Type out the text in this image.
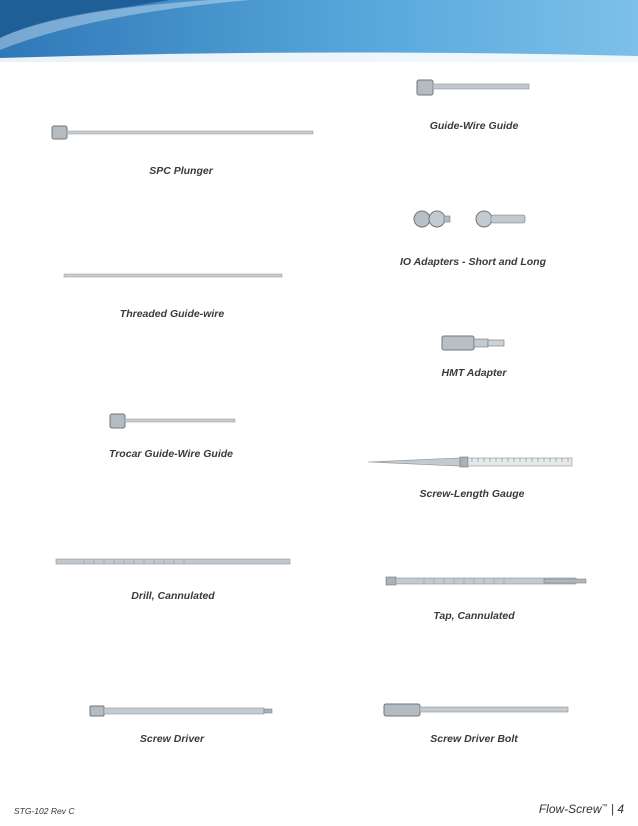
Guide-Wire Guide
SPC Plunger
IO Adapters - Short and Long
Threaded Guide-wire
HMT Adapter
Trocar Guide-Wire Guide
Screw-Length Gauge
Drill, Cannulated
Tap, Cannulated
Screw Driver	Screw Driver Bolt
STG-102 Rev C	Flow-Screw™ | 4
